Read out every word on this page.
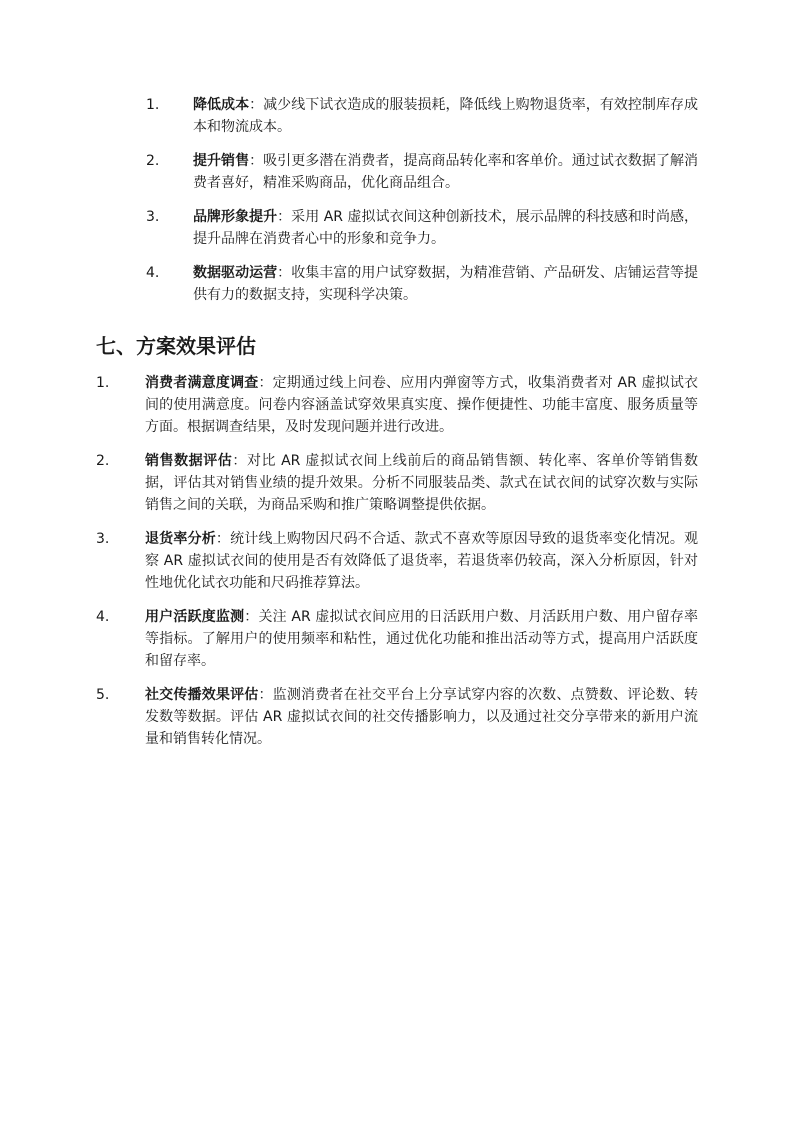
1. 降低成本：减少线下试衣造成的服装损耗，降低线上购物退货率，有效控制库存成本和物流成本。
2. 提升销售：吸引更多潜在消费者，提高商品转化率和客单价。通过试衣数据了解消费者喜好，精准采购商品，优化商品组合。
3. 品牌形象提升：采用 AR 虚拟试衣间这种创新技术，展示品牌的科技感和时尚感，提升品牌在消费者心中的形象和竞争力。
4. 数据驱动运营：收集丰富的用户试穿数据，为精准营销、产品研发、店铺运营等提供有力的数据支持，实现科学决策。
七、方案效果评估
1.	消费者满意度调查：定期通过线上问卷、应用内弹窗等方式，收集消费者对 AR 虚拟试衣间的使用满意度。问卷内容涵盖试穿效果真实度、操作便捷性、功能丰富度、服务质量等方面。根据调查结果，及时发现问题并进行改进。
2.	销售数据评估：对比 AR 虚拟试衣间上线前后的商品销售额、转化率、客单价等销售数据，评估其对销售业绩的提升效果。分析不同服装品类、款式在试衣间的试穿次数与实际销售之间的关联，为商品采购和推广策略调整提供依据。
3.	退货率分析：统计线上购物因尺码不合适、款式不喜欢等原因导致的退货率变化情况。观察 AR 虚拟试衣间的使用是否有效降低了退货率，若退货率仍较高，深入分析原因，针对性地优化试衣功能和尺码推荐算法。
4.	用户活跃度监测：关注 AR 虚拟试衣间应用的日活跃用户数、月活跃用户数、用户留存率等指标。了解用户的使用频率和粘性，通过优化功能和推出活动等方式，提高用户活跃度和留存率。
5.	社交传播效果评估：监测消费者在社交平台上分享试穿内容的次数、点赞数、评论数、转发数等数据。评估 AR 虚拟试衣间的社交传播影响力，以及通过社交分享带来的新用户流量和销售转化情况。
